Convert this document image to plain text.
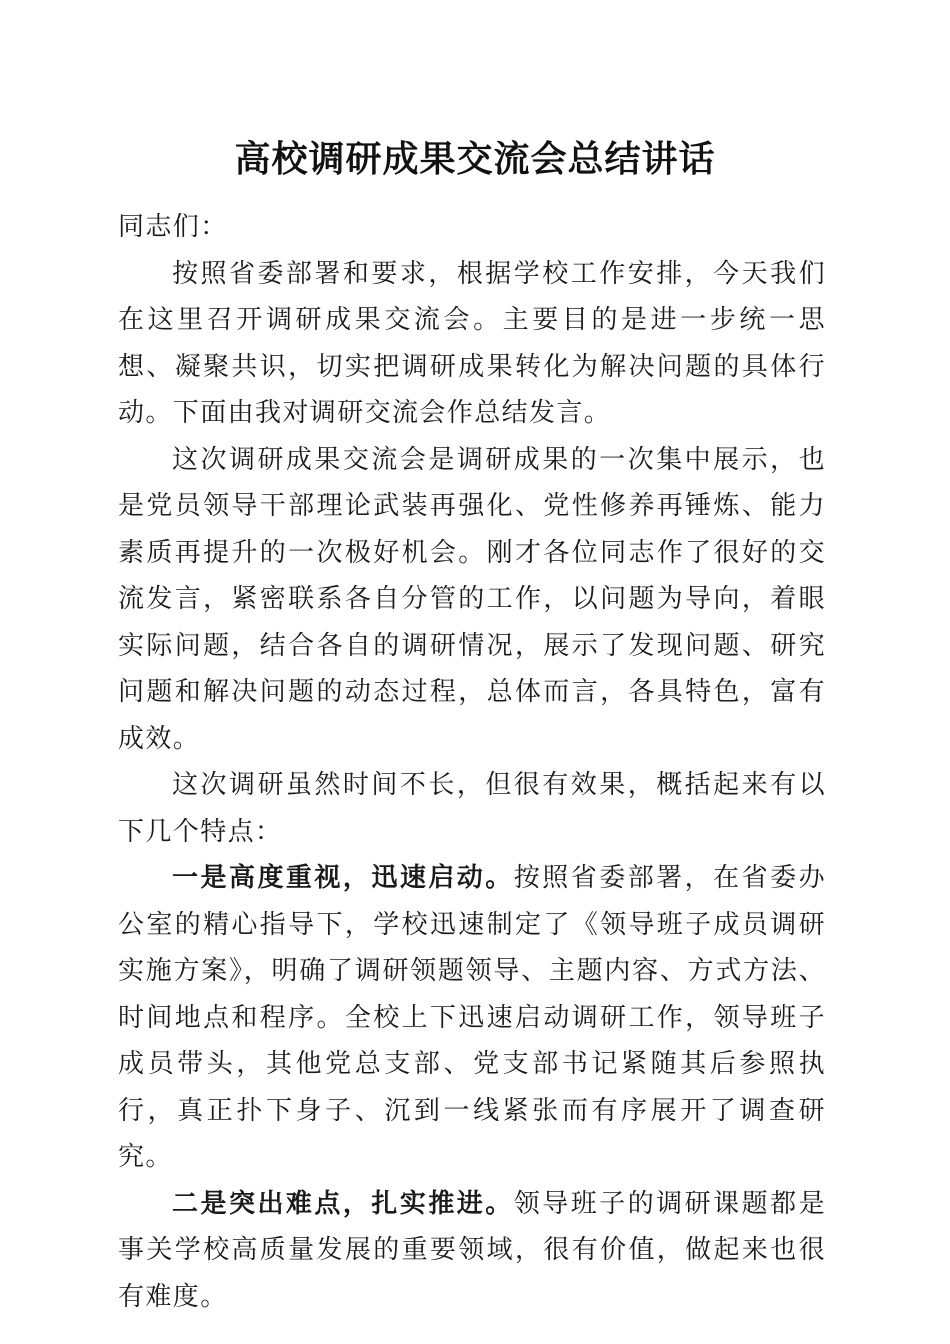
高校调研成果交流会总结讲话

同志们：

按照省委部署和要求，根据学校工作安排，今天我们在这里召开调研成果交流会。主要目的是进一步统一思想、凝聚共识，切实把调研成果转化为解决问题的具体行动。下面由我对调研交流会作总结发言。

这次调研成果交流会是调研成果的一次集中展示，也是党员领导干部理论武装再强化、党性修养再锤炼、能力素质再提升的一次极好机会。刚才各位同志作了很好的交流发言，紧密联系各自分管的工作，以问题为导向，着眼实际问题，结合各自的调研情况，展示了发现问题、研究问题和解决问题的动态过程，总体而言，各具特色，富有成效。

这次调研虽然时间不长，但很有效果，概括起来有以下几个特点：

一是高度重视，迅速启动。按照省委部署，在省委办公室的精心指导下，学校迅速制定了《领导班子成员调研实施方案》，明确了调研领题领导、主题内容、方式方法、时间地点和程序。全校上下迅速启动调研工作，领导班子成员带头，其他党总支部、党支部书记紧随其后参照执行，真正扑下身子、沉到一线紧张而有序展开了调查研究。

二是突出难点，扎实推进。领导班子的调研课题都是事关学校高质量发展的重要领域，很有价值，做起来也很有难度。
